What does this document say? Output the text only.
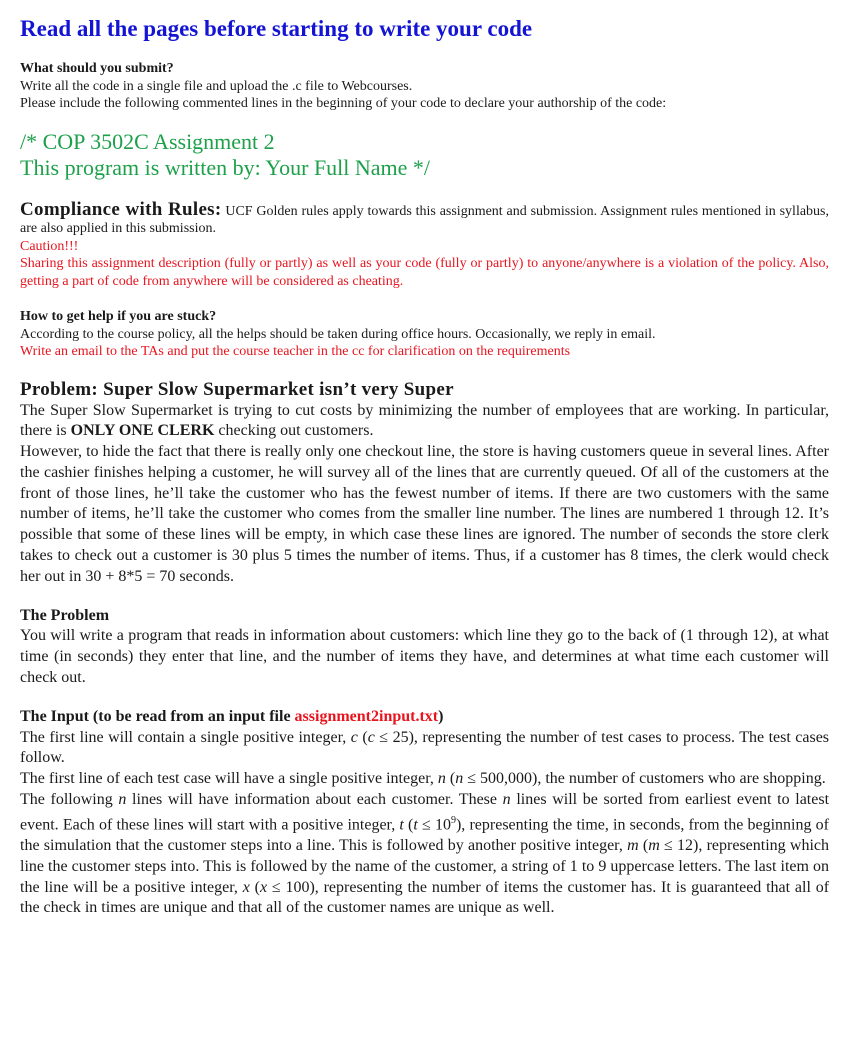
Read all the pages before starting to write your code

What should you submit?

Write all the code in a single file and upload the .c file to Webcourses.

Please include the following commented lines in the beginning of your code to declare your authorship of the code:

/* COP 3502C Assignment 2

This program is written by: Your Full Name */

Compliance with Rules: UCF Golden rules apply towards this assignment and submission. Assignment rules mentioned in syllabus, are also applied in this submission.

Caution!!!

Sharing this assignment description (fully or partly) as well as your code (fully or partly) to anyone/anywhere is a violation of the policy. Also, getting a part of code from anywhere will be considered as cheating.

How to get help if you are stuck?

According to the course policy, all the helps should be taken during office hours. Occasionally, we reply in email.

Write an email to the TAs and put the course teacher in the cc for clarification on the requirements

Problem: Super Slow Supermarket isn’t very Super

The Super Slow Supermarket is trying to cut costs by minimizing the number of employees that are working. In particular, there is ONLY ONE CLERK checking out customers.

However, to hide the fact that there is really only one checkout line, the store is having customers queue in several lines. After the cashier finishes helping a customer, he will survey all of the lines that are currently queued. Of all of the customers at the front of those lines, he’ll take the customer who has the fewest number of items. If there are two customers with the same number of items, he’ll take the customer who comes from the smaller line number. The lines are numbered 1 through 12. It’s possible that some of these lines will be empty, in which case these lines are ignored. The number of seconds the store clerk takes to check out a customer is 30 plus 5 times the number of items. Thus, if a customer has 8 times, the clerk would check her out in 30 + 8*5 = 70 seconds.

The Problem

You will write a program that reads in information about customers: which line they go to the back of (1 through 12), at what time (in seconds) they enter that line, and the number of items they have, and determines at what time each customer will check out.

The Input (to be read from an input file assignment2input.txt)

The first line will contain a single positive integer, c (c ≤ 25), representing the number of test cases to process. The test cases follow.

The first line of each test case will have a single positive integer, n (n ≤ 500,000), the number of customers who are shopping.

The following n lines will have information about each customer. These n lines will be sorted from earliest event to latest event. Each of these lines will start with a positive integer, t $(t \le 10^9)$, representing the time, in seconds, from the beginning of the simulation that the customer steps into a line. This is followed by another positive integer, m (m ≤ 12), representing which line the customer steps into. This is followed by the name of the customer, a string of 1 to 9 uppercase letters. The last item on the line will be a positive integer, x (x ≤ 100), representing the number of items the customer has. It is guaranteed that all of the check in times are unique and that all of the customer names are unique as well.
